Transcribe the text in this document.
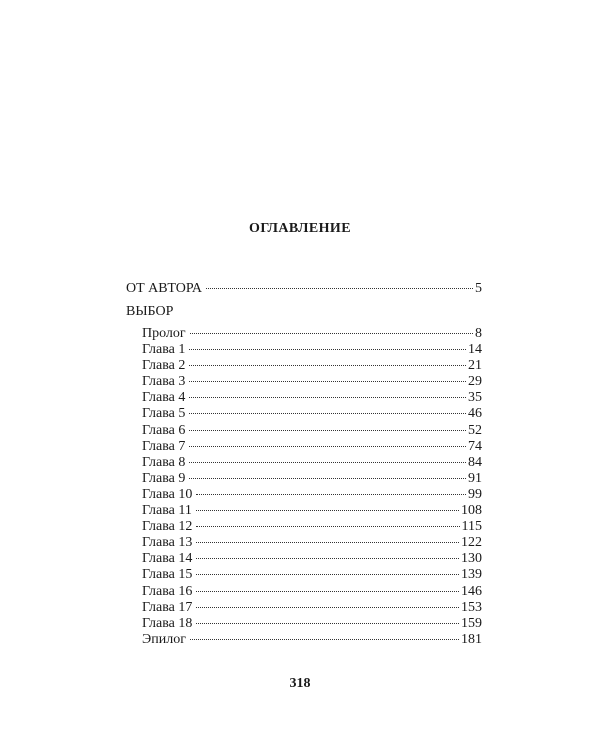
ОГЛАВЛЕНИЕ
ОТ АВТОРА	5
ВЫБОР
Пролог	8
Глава 1	14
Глава 2	21
Глава 3	29
Глава 4	35
Глава 5	46
Глава 6	52
Глава 7	74
Глава 8	84
Глава 9	91
Глава 10	99
Глава 11	108
Глава 12	115
Глава 13	122
Глава 14	130
Глава 15	139
Глава 16	146
Глава 17	153
Глава 18	159
Эпилог	181
318
